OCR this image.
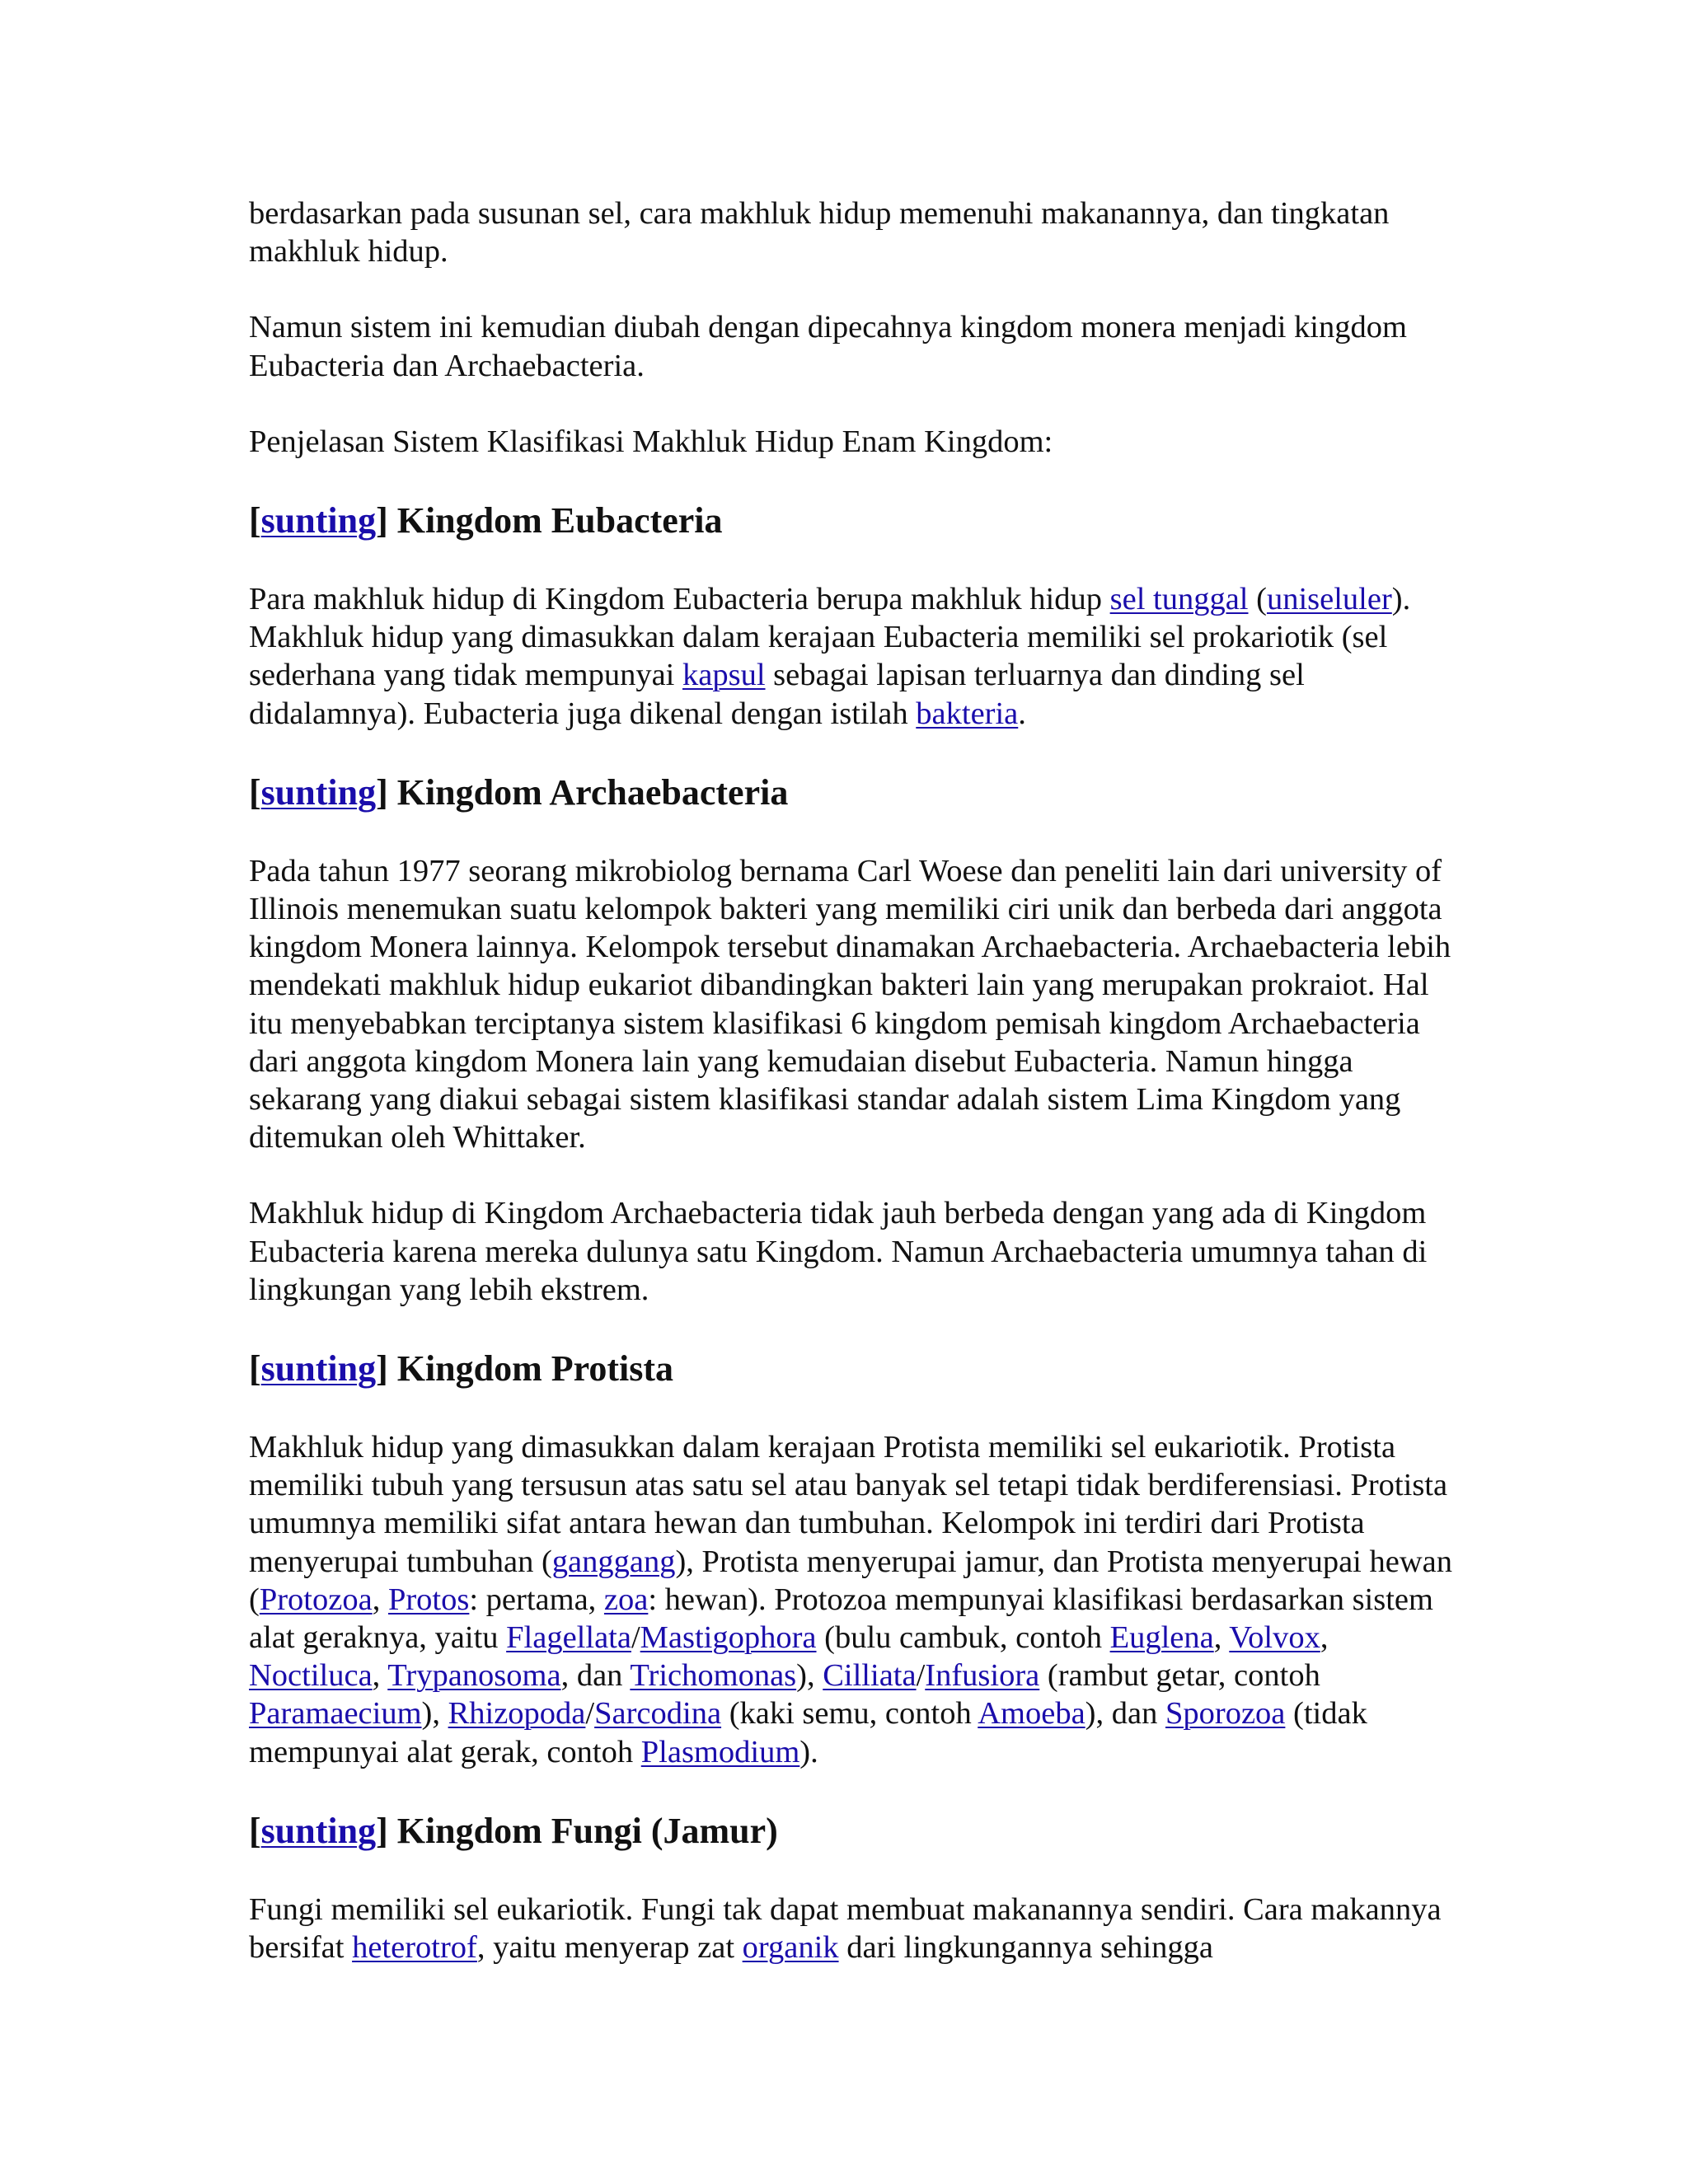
berdasarkan pada susunan sel, cara makhluk hidup memenuhi makanannya, dan tingkatan makhluk hidup.

Namun sistem ini kemudian diubah dengan dipecahnya kingdom monera menjadi kingdom Eubacteria dan Archaebacteria.

Penjelasan Sistem Klasifikasi Makhluk Hidup Enam Kingdom:

[sunting] Kingdom Eubacteria

Para makhluk hidup di Kingdom Eubacteria berupa makhluk hidup sel tunggal (uniseluler). Makhluk hidup yang dimasukkan dalam kerajaan Eubacteria memiliki sel prokariotik (sel sederhana yang tidak mempunyai kapsul sebagai lapisan terluarnya dan dinding sel didalamnya). Eubacteria juga dikenal dengan istilah bakteria.

[sunting] Kingdom Archaebacteria

Pada tahun 1977 seorang mikrobiolog bernama Carl Woese dan peneliti lain dari university of Illinois menemukan suatu kelompok bakteri yang memiliki ciri unik dan berbeda dari anggota kingdom Monera lainnya. Kelompok tersebut dinamakan Archaebacteria. Archaebacteria lebih mendekati makhluk hidup eukariot dibandingkan bakteri lain yang merupakan prokraiot. Hal itu menyebabkan terciptanya sistem klasifikasi 6 kingdom pemisah kingdom Archaebacteria dari anggota kingdom Monera lain yang kemudaian disebut Eubacteria. Namun hingga sekarang yang diakui sebagai sistem klasifikasi standar adalah sistem Lima Kingdom yang ditemukan oleh Whittaker.

Makhluk hidup di Kingdom Archaebacteria tidak jauh berbeda dengan yang ada di Kingdom Eubacteria karena mereka dulunya satu Kingdom. Namun Archaebacteria umumnya tahan di lingkungan yang lebih ekstrem.

[sunting] Kingdom Protista

Makhluk hidup yang dimasukkan dalam kerajaan Protista memiliki sel eukariotik. Protista memiliki tubuh yang tersusun atas satu sel atau banyak sel tetapi tidak berdiferensiasi. Protista umumnya memiliki sifat antara hewan dan tumbuhan. Kelompok ini terdiri dari Protista menyerupai tumbuhan (ganggang), Protista menyerupai jamur, dan Protista menyerupai hewan (Protozoa, Protos: pertama, zoa: hewan). Protozoa mempunyai klasifikasi berdasarkan sistem alat geraknya, yaitu Flagellata/Mastigophora (bulu cambuk, contoh Euglena, Volvox, Noctiluca, Trypanosoma, dan Trichomonas), Cilliata/Infusiora (rambut getar, contoh Paramaecium), Rhizopoda/Sarcodina (kaki semu, contoh Amoeba), dan Sporozoa (tidak mempunyai alat gerak, contoh Plasmodium).

[sunting] Kingdom Fungi (Jamur)

Fungi memiliki sel eukariotik. Fungi tak dapat membuat makanannya sendiri. Cara makannya bersifat heterotrof, yaitu menyerap zat organik dari lingkungannya sehingga
